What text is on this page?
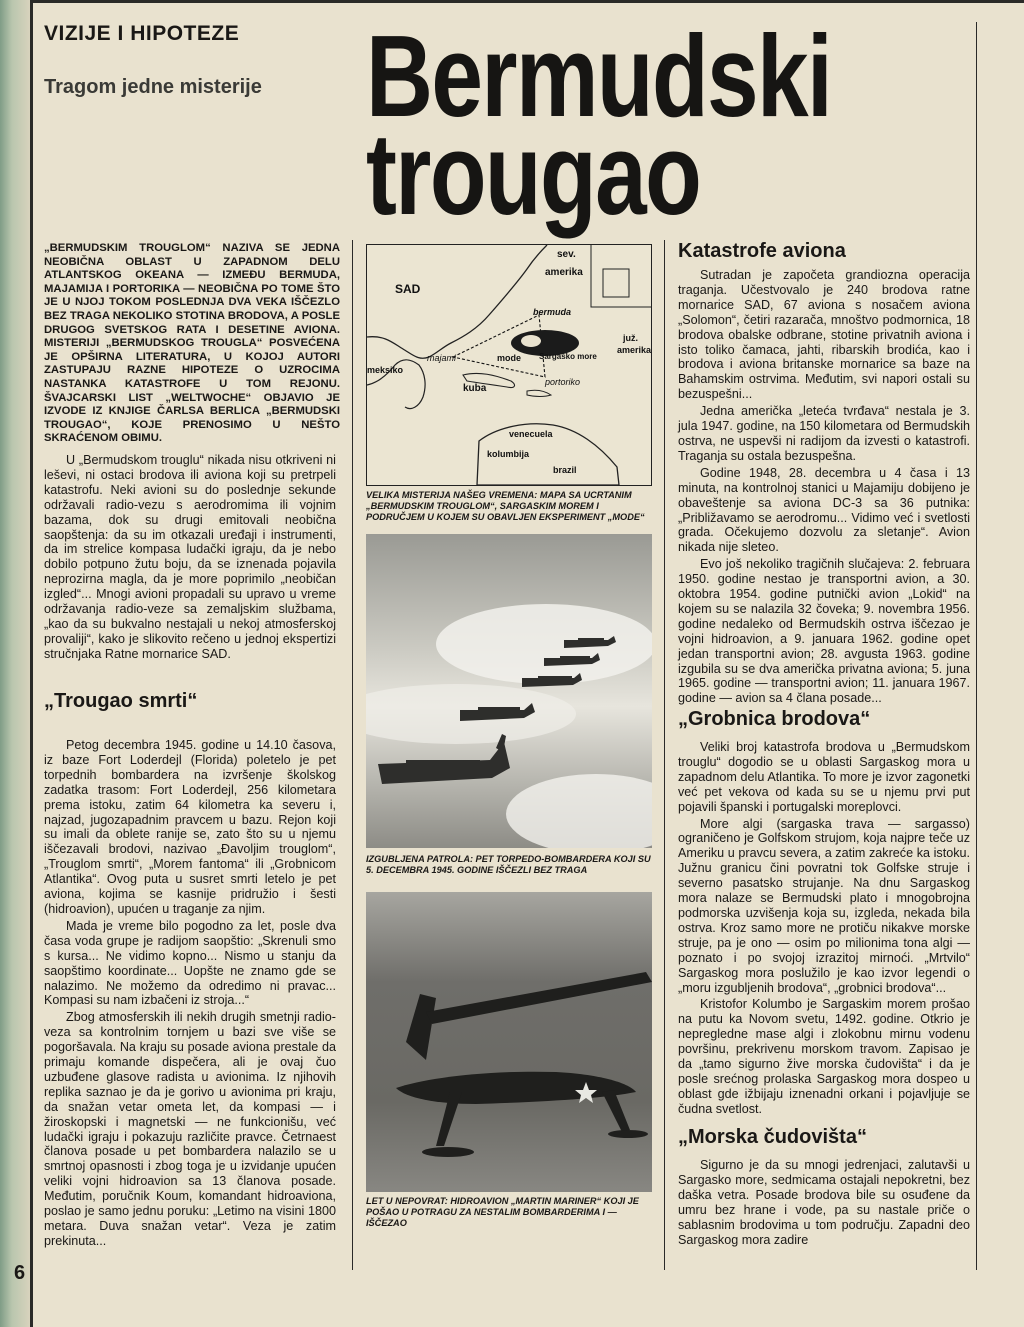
6
VIZIJE I HIPOTEZE
Tragom jedne misterije Bermudski
trougao
„BERMUDSKIM TROUGLOM“ NAZIVA SE JEDNA NEOBIČNA OBLAST U ZAPADNOM DELU ATLANTSKOG OKEANA — IZMEĐU BERMUDA, MAJAMIJA I PORTORIKA — NEOBIČNA PO TOME ŠTO JE U NJOJ TOKOM POSLEDNJA DVA VEKA IŠČEZLO BEZ TRAGA NEKOLIKO STOTINA BRODOVA, A POSLE DRUGOG SVETSKOG RATA I DESETINE AVIONA. MISTERIJI „BERMUDSKOG TROUGLA“ POSVEĆENA JE OPŠIRNA LITERATURA, U KOJOJ AUTORI ZASTUPAJU RAZNE HIPOTEZE O UZROCIMA NASTANKA KATASTROFE U TOM REJONU. ŠVAJCARSKI LIST „WELTWOCHE“ OBJAVIO JE IZVODE IZ KNJIGE ČARLSA BERLICA „BERMUDSKI TROUGAO“, KOJE PRENOSIMO U NEŠTO SKRAĆENOM OBIMU.

U „Bermudskom trouglu“ nikada nisu otkriveni ni leševi, ni ostaci brodova ili aviona koji su pretrpeli katastrofu. Neki avioni su do poslednje sekunde održavali radio-vezu s aerodromima ili vojnim bazama, dok su drugi emitovali neobična saopštenja: da su im otkazali uređaji i instrumenti, da im strelice kompasa ludački igraju, da je nebo dobilo potpuno žutu boju, da se iznenada pojavila neprozirna magla, da je more poprimilo „neobičan izgled“... Mnogi avioni propadali su upravo u vreme održavanja radio-veze sa zemaljskim službama, „kao da su bukvalno nestajali u nekoj atmosferskoj provaliji“, kako je slikovito rečeno u jednoj ekspertizi stručnjaka Ratne mornarice SAD.

„Trougao smrti“

Petog decembra 1945. godine u 14.10 časova, iz baze Fort Loderdejl (Florida) poletelo je pet torpednih bombardera na izvršenje školskog zadatka trasom: Fort Loderdejl, 256 kilometara prema istoku, zatim 64 kilometra ka severu i, najzad, jugozapadnim pravcem u bazu. Rejon koji su imali da oblete ranije se, zato što su u njemu iščezavali brodovi, nazivao „Đavoljim trouglom“, „Trouglom smrti“, „Morem fantoma“ ili „Grobnicom Atlantika“. Ovog puta u susret smrti letelo je pet aviona, kojima se kasnije pridružio i šesti (hidroavion), upućen u traganje za njim.

Mada je vreme bilo pogodno za let, posle dva časa voda grupe je radijom saopštio: „Skrenuli smo s kursa... Ne vidimo kopno... Nismo u stanju da saopštimo koordinate... Uopšte ne znamo gde se nalazimo. Ne možemo da odredimo ni pravac... Kompasi su nam izbačeni iz stroja...“

Zbog atmosferskih ili nekih drugih smetnji radio-veza sa kontrolnim tornjem u bazi sve više se pogoršavala. Na kraju su posade aviona prestale da primaju komande dispečera, ali je ovaj čuo uzbuđene glasove radista u avionima. Iz njihovih replika saznao je da je gorivo u avionima pri kraju, da snažan vetar ometa let, da kompasi — i žiroskopski i magnetski — ne funkcionišu, već ludački igraju i pokazuju različite pravce. Četrnaest članova posade u pet bombardera nalazilo se u smrtnoj opasnosti i zbog toga je u izvidanje upućen veliki vojni hidroavion sa 13 članova posade. Međutim, poručnik Koum, komandant hidroaviona, poslao je samo jednu poruku: „Letimo na visini 1800 metara. Duva snažan vetar“. Veza je zatim prekinuta...

SAD
sev.
amerika
bermuda
juž.
amerika
Sargasko more
mode
majami
meksiko
kuba
portoriko
venecuela
kolumbija
brazil
VELIKA MISTERIJA NAŠEG VREMENA: MAPA SA UCRTANIM „BERMUDSKIM TROUGLOM“, SARGASKIM MOREM I PODRUČJEM U KOJEM SU OBAVLJEN EKSPERIMENT „MODE“
IZGUBLJENA PATROLA: PET TORPEDO-BOMBARDERA KOJI SU 5. DECEMBRA 1945. GODINE IŠČEZLI BEZ TRAGA
LET U NEPOVRAT: HIDROAVION „MARTIN MARINER“ KOJI JE POŠAO U POTRAGU ZA NESTALIM BOMBARDERIMA I — IŠČEZAO
Katastrofe aviona

Sutradan je započeta grandiozna operacija traganja. Učestvovalo je 240 brodova ratne mornarice SAD, 67 aviona s nosačem aviona „Solomon“, četiri razarača, mnoštvo podmornica, 18 brodova obalske odbrane, stotine privatnih aviona i isto toliko čamaca, jahti, ribarskih brodića, kao i brodova i aviona britanske mornarice sa baze na Bahamskim ostrvima. Međutim, svi napori ostali su bezuspešni...

Jedna američka „leteća tvrđava“ nestala je 3. jula 1947. godine, na 150 kilometara od Bermudskih ostrva, ne uspevši ni radijom da izvesti o katastrofi. Traganja su ostala bezuspešna.

Godine 1948, 28. decembra u 4 časa i 13 minuta, na kontrolnoj stanici u Majamiju dobijeno je obaveštenje sa aviona DC-3 sa 36 putnika: „Približavamo se aerodromu... Vidimo već i svetlosti grada. Očekujemo dozvolu za sletanje“. Avion nikada nije sleteo.

Evo još nekoliko tragičnih slučajeva: 2. februara 1950. godine nestao je transportni avion, a 30. oktobra 1954. godine putnički avion „Lokid“ na kojem su se nalazila 32 čoveka; 9. novembra 1956. godine nedaleko od Bermudskih ostrva iščezao je vojni hidroavion, a 9. januara 1962. godine opet jedan transportni avion; 28. avgusta 1963. godine izgubila su se dva američka privatna aviona; 5. juna 1965. godine — transportni avion; 11. januara 1967. godine — avion sa 4 člana posade...

„Grobnica brodova“

Veliki broj katastrofa brodova u „Bermudskom trouglu“ dogodio se u oblasti Sargaskog mora u zapadnom delu Atlantika. To more je izvor zagonetki već pet vekova od kada su se u njemu prvi put pojavili španski i portugalski moreplovci.

More algi (sargaska trava — sargasso) ograničeno je Golfskom strujom, koja najpre teče uz Ameriku u pravcu severa, a zatim zakreće ka istoku. Južnu granicu čini povratni tok Golfske struje i severno pasatsko strujanje. Na dnu Sargaskog mora nalaze se Bermudski plato i mnogobrojna podmorska uzvišenja koja su, izgleda, nekada bila ostrva. Kroz samo more ne protiču nikakve morske struje, pa je ono — osim po milionima tona algi — poznato i po svojoj izrazitoj mirnoći. „Mrtvilo“ Sargaskog mora poslužilo je kao izvor legendi o „moru izgubljenih brodova“, „grobnici brodova“...

Kristofor Kolumbo je Sargaskim morem prošao na putu ka Novom svetu, 1492. godine. Otkrio je nepregledne mase algi i zlokobnu mirnu vodenu površinu, prekrivenu morskom travom. Zapisao je da „tamo sigurno žive morska čudovišta“ i da je posle srećnog prolaska Sargaskog mora dospeo u oblast gde ižbijaju iznenadni orkani i pojavljuje se čudna svetlost.

„Morska čudovišta“

Sigurno je da su mnogi jedrenjaci, zalutavši u Sargasko more, sedmicama ostajali nepokretni, bez daška vetra. Posade brodova bile su osuđene da umru bez hrane i vode, pa su nastale priče o sablasnim brodovima u tom području. Zapadni deo Sargaskog mora zadire
